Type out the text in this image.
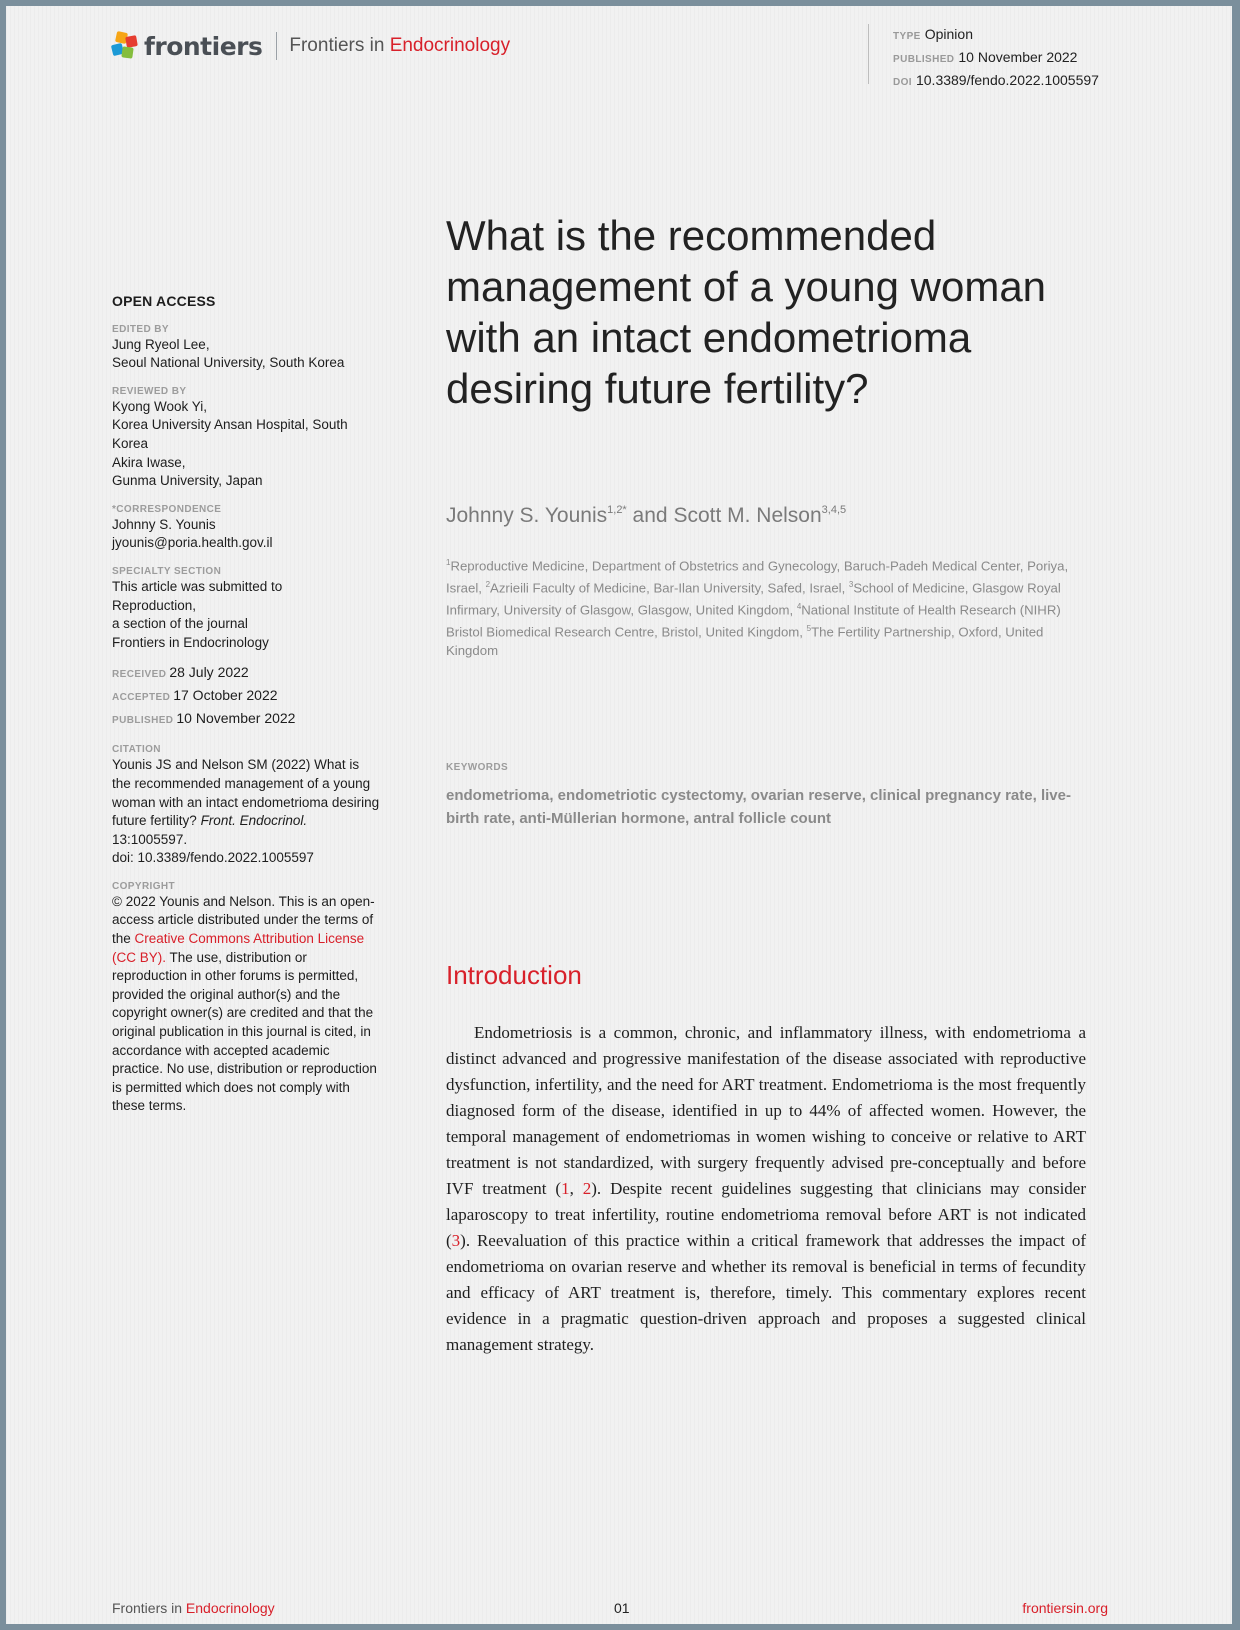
frontiers Frontiers in Endocrinology	TYPE Opinion
PUBLISHED 10 November 2022
DOI 10.3389/fendo.2022.1005597
OPEN ACCESS
EDITED BY
Jung Ryeol Lee,
Seoul National University, South Korea
REVIEWED BY
Kyong Wook Yi,
Korea University Ansan Hospital, South Korea
Akira Iwase,
Gunma University, Japan
*CORRESPONDENCE
Johnny S. Younis
jyounis@poria.health.gov.il
SPECIALTY SECTION
This article was submitted to
Reproduction,
a section of the journal
Frontiers in Endocrinology
RECEIVED 28 July 2022
ACCEPTED 17 October 2022
PUBLISHED 10 November 2022
CITATION
Younis JS and Nelson SM (2022) What is the recommended management of a young woman with an intact endometrioma desiring future fertility? Front. Endocrinol. 13:1005597.
doi: 10.3389/fendo.2022.1005597
COPYRIGHT
© 2022 Younis and Nelson. This is an open-access article distributed under the terms of the Creative Commons Attribution License (CC BY). The use, distribution or reproduction in other forums is permitted, provided the original author(s) and the copyright owner(s) are credited and that the original publication in this journal is cited, in accordance with accepted academic practice. No use, distribution or reproduction is permitted which does not comply with these terms.
What is the recommended management of a young woman with an intact endometrioma desiring future fertility?
Johnny S. Younis$^{1,2*}$ and Scott M. Nelson$^{3,4,5}$
$^1$Reproductive Medicine, Department of Obstetrics and Gynecology, Baruch-Padeh Medical Center, Poriya, Israel, $^2$Azrieili Faculty of Medicine, Bar-Ilan University, Safed, Israel, $^3$School of Medicine, Glasgow Royal Infirmary, University of Glasgow, Glasgow, United Kingdom, $^4$National Institute of Health Research (NIHR) Bristol Biomedical Research Centre, Bristol, United Kingdom, $^5$The Fertility Partnership, Oxford, United Kingdom
KEYWORDS
endometrioma, endometriotic cystectomy, ovarian reserve, clinical pregnancy rate, live-birth rate, anti-Müllerian hormone, antral follicle count
Introduction
Endometriosis is a common, chronic, and inflammatory illness, with endometrioma a distinct advanced and progressive manifestation of the disease associated with reproductive dysfunction, infertility, and the need for ART treatment. Endometrioma is the most frequently diagnosed form of the disease, identified in up to 44% of affected women. However, the temporal management of endometriomas in women wishing to conceive or relative to ART treatment is not standardized, with surgery frequently advised pre-conceptually and before IVF treatment (1, 2). Despite recent guidelines suggesting that clinicians may consider laparoscopy to treat infertility, routine endometrioma removal before ART is not indicated (3). Reevaluation of this practice within a critical framework that addresses the impact of endometrioma on ovarian reserve and whether its removal is beneficial in terms of fecundity and efficacy of ART treatment is, therefore, timely. This commentary explores recent evidence in a pragmatic question-driven approach and proposes a suggested clinical management strategy.
Frontiers in Endocrinology	01	frontiersin.org
